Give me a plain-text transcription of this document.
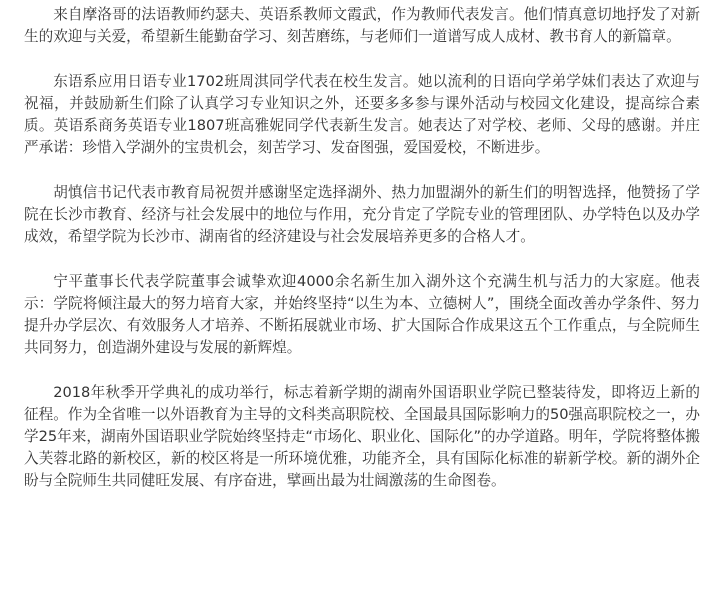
来自摩洛哥的法语教师约瑟夫、英语系教师文霞武，作为教师代表发言。他们情真意切地抒发了对新生的欢迎与关爱，希望新生能勤奋学习、刻苦磨练，与老师们一道谱写成人成材、教书育人的新篇章。

东语系应用日语专业1702班周淇同学代表在校生发言。她以流利的日语向学弟学妹们表达了欢迎与祝福，并鼓励新生们除了认真学习专业知识之外，还要多多参与课外活动与校园文化建设，提高综合素质。英语系商务英语专业1807班高雅妮同学代表新生发言。她表达了对学校、老师、父母的感谢。并庄严承诺：珍惜入学湖外的宝贵机会，刻苦学习、发奋图强，爱国爱校，不断进步。

胡慎信书记代表市教育局祝贺并感谢坚定选择湖外、热力加盟湖外的新生们的明智选择，他赞扬了学院在长沙市教育、经济与社会发展中的地位与作用，充分肯定了学院专业的管理团队、办学特色以及办学成效，希望学院为长沙市、湖南省的经济建设与社会发展培养更多的合格人才。

宁平董事长代表学院董事会诚挚欢迎4000余名新生加入湖外这个充满生机与活力的大家庭。他表示：学院将倾注最大的努力培育大家，并始终坚持“以生为本、立德树人”，围绕全面改善办学条件、努力提升办学层次、有效服务人才培养、不断拓展就业市场、扩大国际合作成果这五个工作重点，与全院师生共同努力，创造湖外建设与发展的新辉煌。

2018年秋季开学典礼的成功举行，标志着新学期的湖南外国语职业学院已整装待发，即将迈上新的征程。作为全省唯一以外语教育为主导的文科类高职院校、全国最具国际影响力的50强高职院校之一，办学25年来，湖南外国语职业学院始终坚持走“市场化、职业化、国际化”的办学道路。明年，学院将整体搬入芙蓉北路的新校区，新的校区将是一所环境优雅，功能齐全，具有国际化标准的崭新学校。新的湖外企盼与全院师生共同健旺发展、有序奋进，擘画出最为壮阔激荡的生命图卷。
